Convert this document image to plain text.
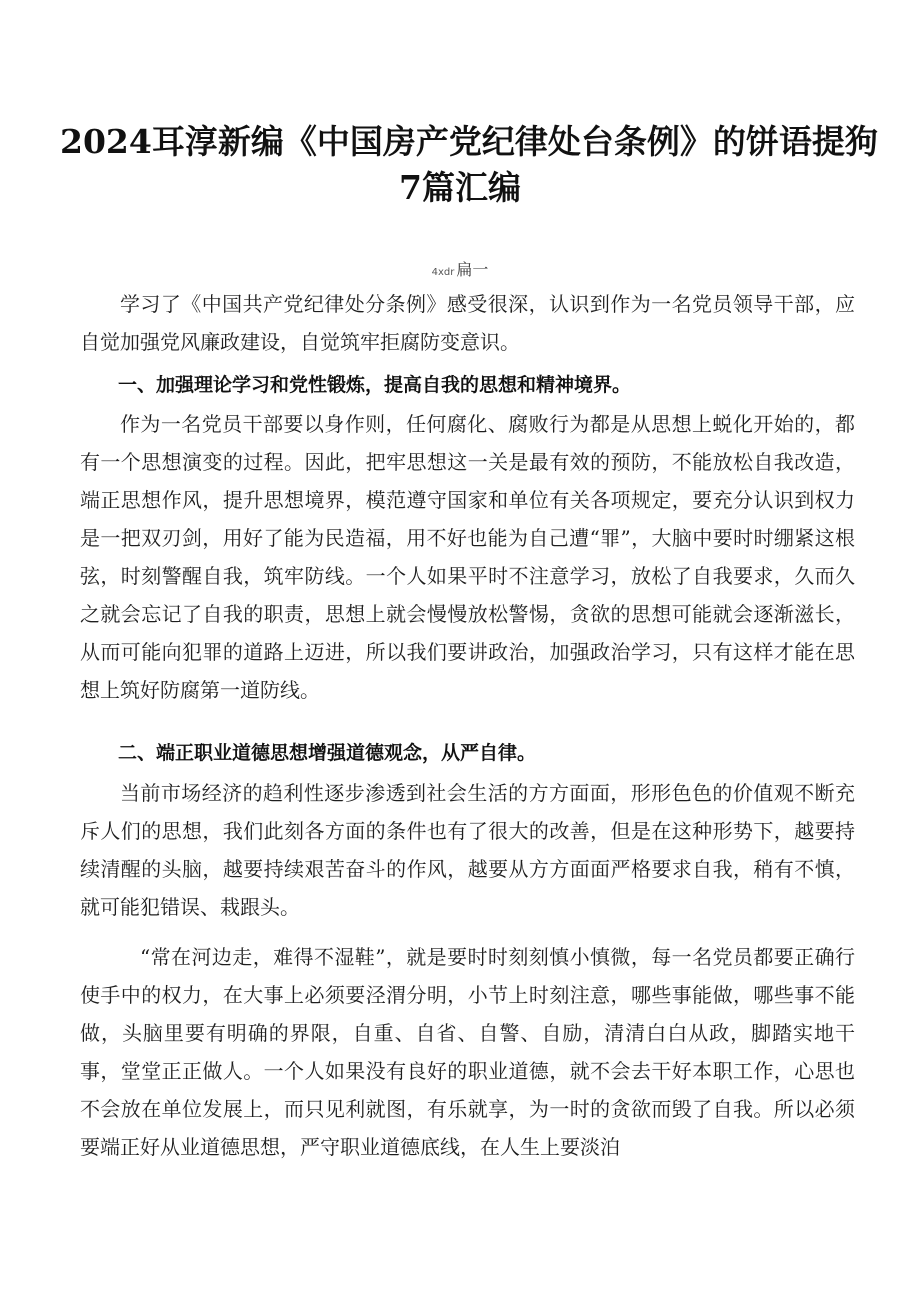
2024耳淳新编《中国房产党纪律处台条例》的饼语提狗
7篇汇编
4xdr 扁一

学习了《中国共产党纪律处分条例》感受很深，认识到作为一名党员领导干部，应自觉加强党风廉政建设，自觉筑牢拒腐防变意识。

一、加强理论学习和党性锻炼，提高自我的思想和精神境界。

作为一名党员干部要以身作则，任何腐化、腐败行为都是从思想上蜕化开始的，都有一个思想演变的过程。因此，把牢思想这一关是最有效的预防，不能放松自我改造，端正思想作风，提升思想境界，模范遵守国家和单位有关各项规定，要充分认识到权力是一把双刃剑，用好了能为民造福，用不好也能为自己遭“罪”，大脑中要时时绷紧这根弦，时刻警醒自我，筑牢防线。一个人如果平时不注意学习，放松了自我要求，久而久之就会忘记了自我的职责，思想上就会慢慢放松警惕，贪欲的思想可能就会逐渐滋长，从而可能向犯罪的道路上迈进，所以我们要讲政治，加强政治学习，只有这样才能在思想上筑好防腐第一道防线。

二、端正职业道德思想增强道德观念，从严自律。

当前市场经济的趋利性逐步渗透到社会生活的方方面面，形形色色的价值观不断充斥人们的思想，我们此刻各方面的条件也有了很大的改善，但是在这种形势下，越要持续清醒的头脑，越要持续艰苦奋斗的作风，越要从方方面面严格要求自我，稍有不慎，就可能犯错误、栽跟头。

“常在河边走，难得不湿鞋”，就是要时时刻刻慎小慎微，每一名党员都要正确行使手中的权力，在大事上必须要泾渭分明，小节上时刻注意，哪些事能做，哪些事不能做，头脑里要有明确的界限，自重、自省、自警、自励，清清白白从政，脚踏实地干事，堂堂正正做人。一个人如果没有良好的职业道德，就不会去干好本职工作，心思也不会放在单位发展上，而只见利就图，有乐就享，为一时的贪欲而毁了自我。所以必须要端正好从业道德思想，严守职业道德底线，在人生上要淡泊
